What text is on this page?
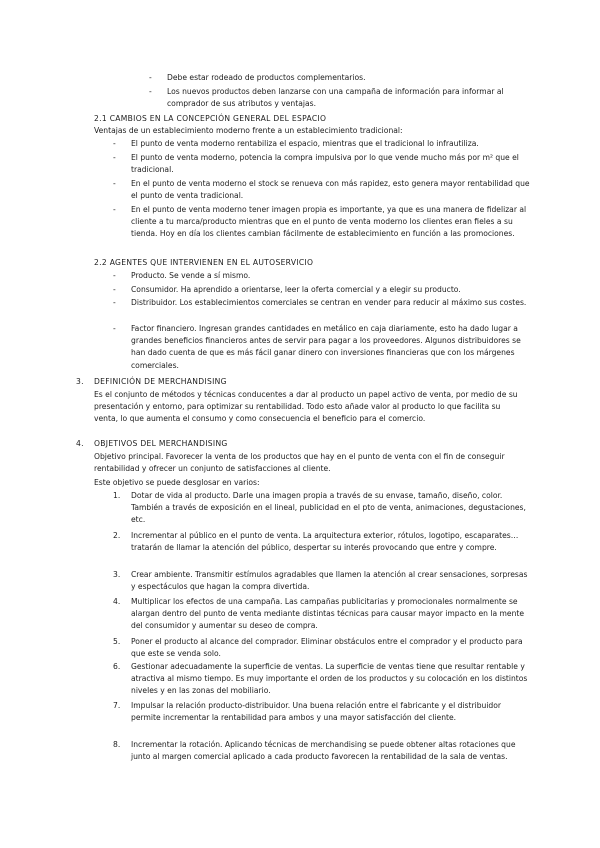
- Debe estar rodeado de productos complementarios.
- Los nuevos productos deben lanzarse con una campaña de información para informar al comprador de sus atributos y ventajas.
2.1 CAMBIOS EN LA CONCEPCIÓN GENERAL DEL ESPACIO
Ventajas de un establecimiento moderno frente a un establecimiento tradicional:
- El punto de venta moderno rentabiliza el espacio, mientras que el tradicional lo infrautiliza.
- El punto de venta moderno, potencia la compra impulsiva por lo que vende mucho más por m² que el tradicional.
- En el punto de venta moderno el stock se renueva con más rapidez, esto genera mayor rentabilidad que el punto de venta tradicional.
- En el punto de venta moderno tener imagen propia es importante, ya que es una manera de fidelizar al cliente a tu marca/producto mientras que en el punto de venta moderno los clientes eran fieles a su tienda. Hoy en día los clientes cambian fácilmente de establecimiento en función a las promociones.
2.2 AGENTES QUE INTERVIENEN EN EL AUTOSERVICIO
- Producto. Se vende a sí mismo.
- Consumidor. Ha aprendido a orientarse, leer la oferta comercial y a elegir su producto.
- Distribuidor. Los establecimientos comerciales se centran en vender para reducir al máximo sus costes.
- Factor financiero. Ingresan grandes cantidades en metálico en caja diariamente, esto ha dado lugar a grandes beneficios financieros antes de servir para pagar a los proveedores. Algunos distribuidores se han dado cuenta de que es más fácil ganar dinero con inversiones financieras que con los márgenes comerciales.
3. DEFINICIÓN DE MERCHANDISING
Es el conjunto de métodos y técnicas conducentes a dar al producto un papel activo de venta, por medio de su presentación y entorno, para optimizar su rentabilidad. Todo esto añade valor al producto lo que facilita su venta, lo que aumenta el consumo y como consecuencia el beneficio para el comercio.
4. OBJETIVOS DEL MERCHANDISING
Objetivo principal. Favorecer la venta de los productos que hay en el punto de venta con el fin de conseguir rentabilidad y ofrecer un conjunto de satisfacciones al cliente.
Este objetivo se puede desglosar en varios:
1. Dotar de vida al producto. Darle una imagen propia a través de su envase, tamaño, diseño, color. También a través de exposición en el lineal, publicidad en el pto de venta, animaciones, degustaciones, etc.
2. Incrementar al público en el punto de venta. La arquitectura exterior, rótulos, logotipo, escaparates… tratarán de llamar la atención del público, despertar su interés provocando que entre y compre.
3. Crear ambiente. Transmitir estímulos agradables que llamen la atención al crear sensaciones, sorpresas y espectáculos que hagan la compra divertida.
4. Multiplicar los efectos de una campaña. Las campañas publicitarias y promocionales normalmente se alargan dentro del punto de venta mediante distintas técnicas para causar mayor impacto en la mente del consumidor y aumentar su deseo de compra.
5. Poner el producto al alcance del comprador. Eliminar obstáculos entre el comprador y el producto para que este se venda solo.
6. Gestionar adecuadamente la superficie de ventas. La superficie de ventas tiene que resultar rentable y atractiva al mismo tiempo. Es muy importante el orden de los productos y su colocación en los distintos niveles y en las zonas del mobiliario.
7. Impulsar la relación producto-distribuidor. Una buena relación entre el fabricante y el distribuidor permite incrementar la rentabilidad para ambos y una mayor satisfacción del cliente.
8. Incrementar la rotación. Aplicando técnicas de merchandising se puede obtener altas rotaciones que junto al margen comercial aplicado a cada producto favorecen la rentabilidad de la sala de ventas.
